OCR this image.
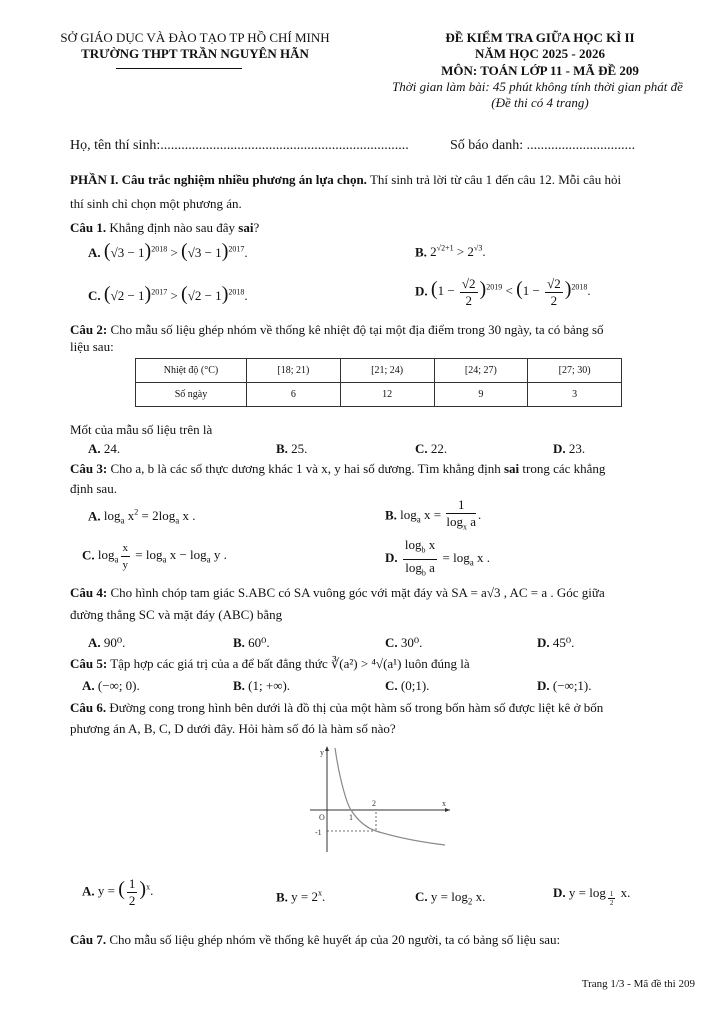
SỞ GIÁO DỤC VÀ ĐÀO TẠO TP HỒ CHÍ MINH
TRƯỜNG THPT TRẦN NGUYÊN HÃN
ĐỀ KIỂM TRA GIỮA HỌC KÌ II
NĂM HỌC 2025 - 2026
MÔN: TOÁN LỚP 11 - MÃ ĐỀ 209
Thời gian làm bài: 45 phút không tính thời gian phát đề
(Đề thi có 4 trang)
Họ, tên thí sinh:.......................................................................	Số báo danh: ...............................
PHẦN I. Câu trắc nghiệm nhiều phương án lựa chọn. Thí sinh trả lời từ câu 1 đến câu 12. Mỗi câu hỏi
thí sinh chỉ chọn một phương án.
Câu 1. Khẳng định nào sau đây sai?
A. $(√3 - 1)^{2018} > (√3 - 1)^{2017}$.	B. $2^{√2+1} > 2^{√3}$.
C. $(√2 - 1)^{2017} > (√2 - 1)^{2018}$.	D. $(1 - \frac{√2}{2} )^{2019} < (1 - \frac{√2}{2} )^{2018}$.
Câu 2: Cho mẫu số liệu ghép nhóm về thống kê nhiệt độ tại một địa điểm trong 30 ngày, ta có bảng số
liệu sau:
Nhiệt độ (°C)	[18; 21)	[21; 24)	[24; 27)	[27; 30)
Số ngày	6	12	9	3
Mốt của mẫu số liệu trên là
A. 24.	B. 25.	C. 22.	D. 23.
Câu 3: Cho a, b là các số thực dương khác 1 và x, y hai số dương. Tìm khẳng định sai trong các khẳng
định sau.
A. $\log_a x^2 = 2\log_a$ x .	B. $\log_a x = \frac{1}{\log_x a}$ .
C. $\log_a \frac{x}{y} = \log_a x - \log_a y$ .	D. $\frac{\log_b x}{\log_b a} = \log_a x$ .
Câu 4: Cho hình chóp tam giác S.ABC có SA vuông góc với mặt đáy và SA = a√3 , AC = a . Góc giữa
đường thẳng SC và mặt đáy (ABC) bằng
A. 90⁰.	B. 60⁰.	C. 30⁰.	D. 45⁰.
Câu 5: Tập hợp các giá trị của a để bất đẳng thức ∛(a²) > ⁴√(a¹) luôn đúng là
A. (−∞; 0).	B. (1; +∞).	C. (0;1).	D. (−∞;1).
Câu 6. Đường cong trong hình bên dưới là đồ thị của một hàm số trong bốn hàm số được liệt kê ở bốn
phương án A, B, C, D dưới đây. Hỏi hàm số đó là hàm số nào?
y
x
O	1
2
-1
A. y = ( $\frac{1}{2} )^x$.	B. $y = 2^x$.	C. $y = \log_2 x$.	D. y = log $_{\frac{1}{2}}$ x.
Câu 7. Cho mẫu số liệu ghép nhóm về thống kê huyết áp của 20 người, ta có bảng số liệu sau:
Trang 1/3 - Mã đề thi 209
